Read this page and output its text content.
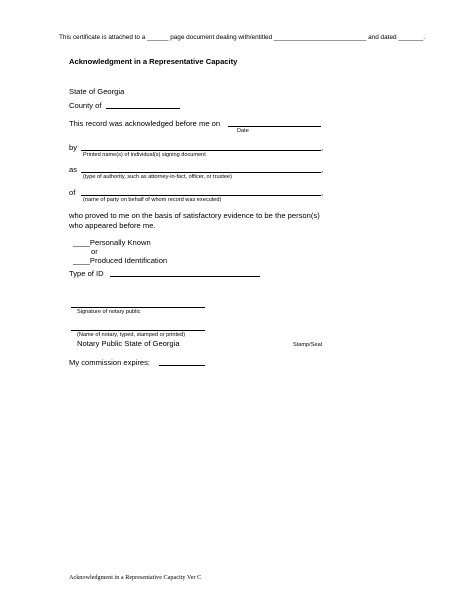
This certificate is attached to a ______ page document dealing with/entitled __________________________ and dated _______.
Acknowledgment in a Representative Capacity
State of Georgia
County of
This record was acknowledged before me on
Date
by	,
Printed name(s) of individual(s) signing document
as	,
(type of authority, such as attorney-in-fact, officer, or trustee)
of	,
(name of party on behalf of whom record was executed)
who proved to me on the basis of satisfactory evidence to be the person(s)
who appeared before me.
____Personally Known
or
____Produced Identification
Type of ID
Signature of notary public
(Name of notary, typed, stamped or printed)
Notary Public State of Georgia	Stamp/Seal
My commission expires:
Acknowledgment in a Representative Capacity Ver C
